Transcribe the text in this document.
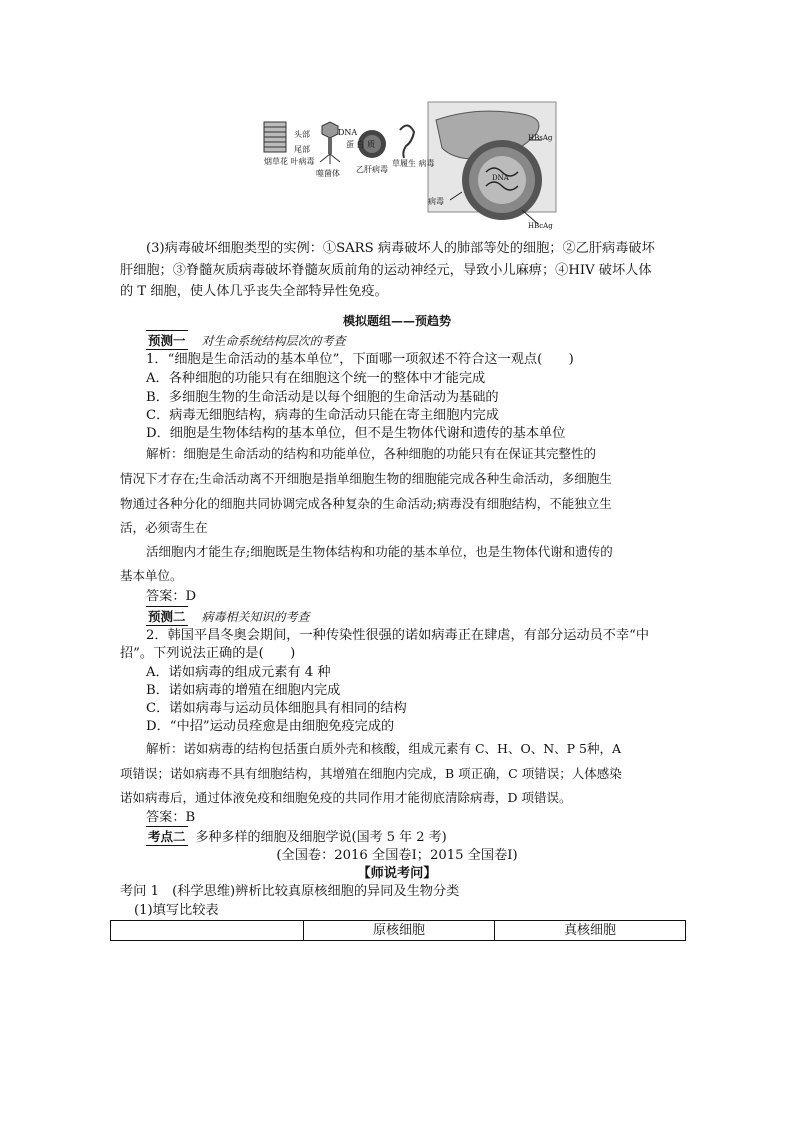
头部
尾部
DNA
蛋 白 质
烟草花 叶病毒
噬菌体 乙肝病毒
草履生 病毒
HBsAg
DNA
病毒
HBcAg
(3)病毒破坏细胞类型的实例：①SARS 病毒破坏人的肺部等处的细胞；②乙肝病毒破坏
肝细胞；③脊髓灰质病毒破坏脊髓灰质前角的运动神经元，导致小儿麻痹；④HIV 破坏人体
的 T 细胞，使人体几乎丧失全部特异性免疫。
模拟题组——预趋势
预测一 对生命系统结构层次的考查
1．“细胞是生命活动的基本单位”，下面哪一项叙述不符合这一观点(　　)
A．各种细胞的功能只有在细胞这个统一的整体中才能完成
B．多细胞生物的生命活动是以每个细胞的生命活动为基础的
C．病毒无细胞结构，病毒的生命活动只能在寄主细胞内完成
D．细胞是生物体结构的基本单位，但不是生物体代谢和遗传的基本单位
解析：细胞是生命活动的结构和功能单位，各种细胞的功能只有在保证其完整性的
情况下才存在;生命活动离不开细胞是指单细胞生物的细胞能完成各种生命活动，多细胞生
物通过各种分化的细胞共同协调完成各种复杂的生命活动;病毒没有细胞结构，不能独立生
活，必须寄生在
活细胞内才能生存;细胞既是生物体结构和功能的基本单位，也是生物体代谢和遗传的
基本单位。
答案：D
预测二 病毒相关知识的考查
2．韩国平昌冬奥会期间，一种传染性很强的诺如病毒正在肆虐，有部分运动员不幸“中
招”。下列说法正确的是(　　)
A．诺如病毒的组成元素有 4 种
B．诺如病毒的增殖在细胞内完成
C．诺如病毒与运动员体细胞具有相同的结构
D．“中招”运动员痊愈是由细胞免疫完成的
解析：诺如病毒的结构包括蛋白质外壳和核酸，组成元素有 C、H、O、N、P 5种，A
项错误；诺如病毒不具有细胞结构，其增殖在细胞内完成，B 项正确，C 项错误；人体感染
诺如病毒后，通过体液免疫和细胞免疫的共同作用才能彻底清除病毒，D 项错误。
答案：B
考点二 多种多样的细胞及细胞学说(国考 5 年 2 考)
(全国卷：2016 全国卷Ⅰ；2015 全国卷Ⅰ)
【师说考问】
考问 1　(科学思维)辨析比较真原核细胞的异同及生物分类
(1)填写比较表
原核细胞	真核细胞
